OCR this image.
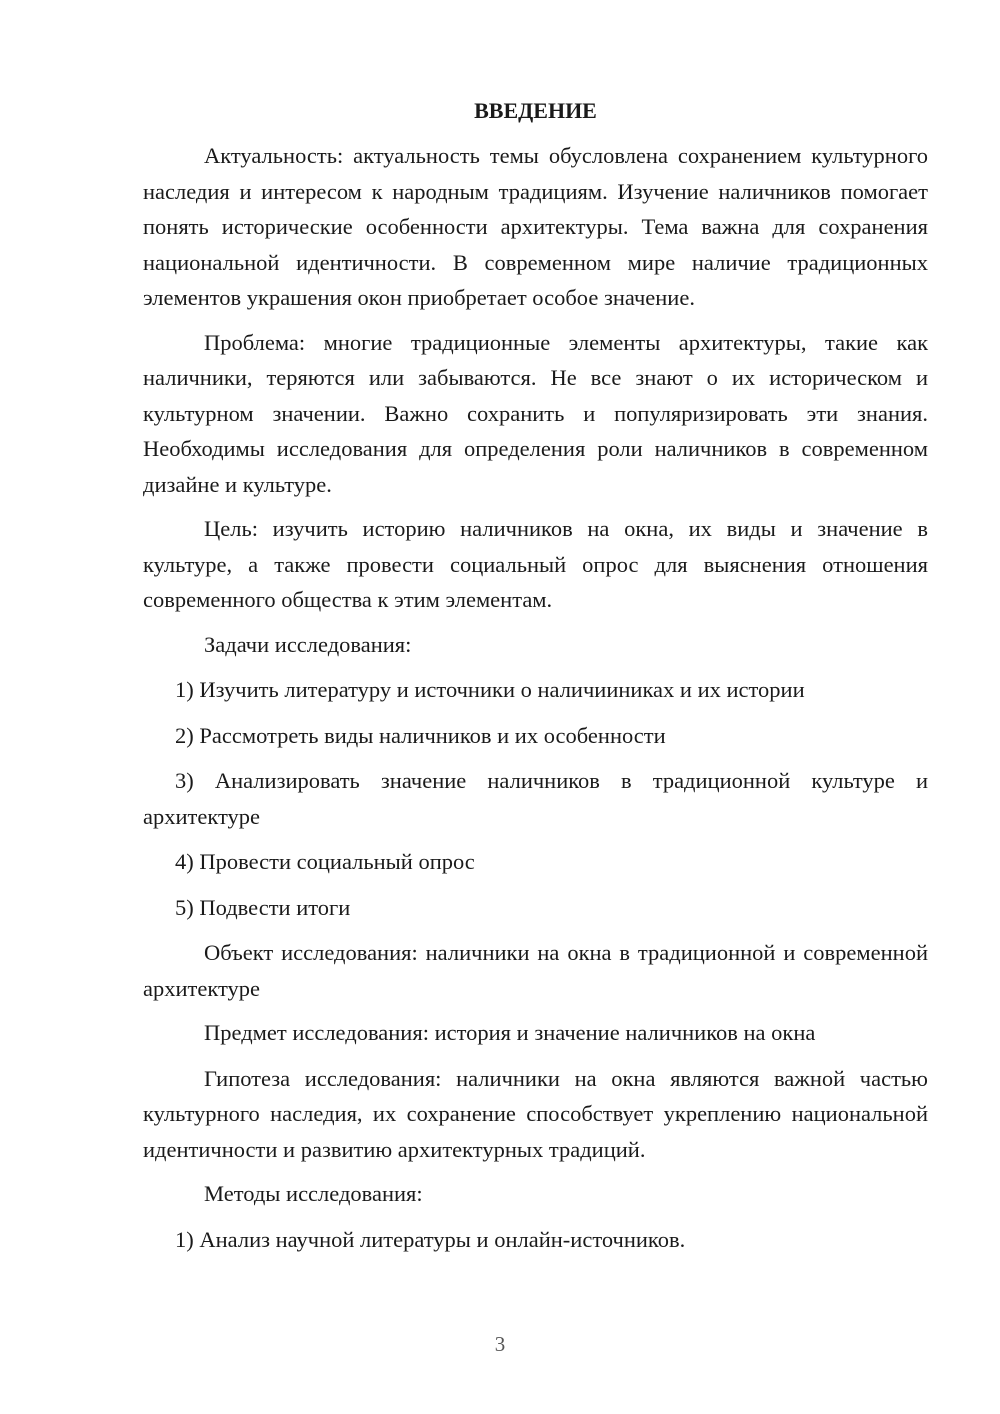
ВВЕДЕНИЕ
Актуальность: актуальность темы обусловлена сохранением культурного наследия и интересом к народным традициям. Изучение наличников помогает понять исторические особенности архитектуры. Тема важна для сохранения национальной идентичности. В современном мире наличие традиционных элементов украшения окон приобретает особое значение.
Проблема: многие традиционные элементы архитектуры, такие как наличники, теряются или забываются. Не все знают о их историческом и культурном значении. Важно сохранить и популяризировать эти знания. Необходимы исследования для определения роли наличников в современном дизайне и культуре.
Цель: изучить историю наличников на окна, их виды и значение в культуре, а также провести социальный опрос для выяснения отношения современного общества к этим элементам.
Задачи исследования:
1) Изучить литературу и источники о наличииниках и их истории
2) Рассмотреть виды наличников и их особенности
3) Анализировать значение наличников в традиционной культуре и архитектуре
4) Провести социальный опрос
5) Подвести итоги
Объект исследования: наличники на окна в традиционной и современной архитектуре
Предмет исследования: история и значение наличников на окна
Гипотеза исследования: наличники на окна являются важной частью культурного наследия, их сохранение способствует укреплению национальной идентичности и развитию архитектурных традиций.
Методы исследования:
1) Анализ научной литературы и онлайн-источников.
3
